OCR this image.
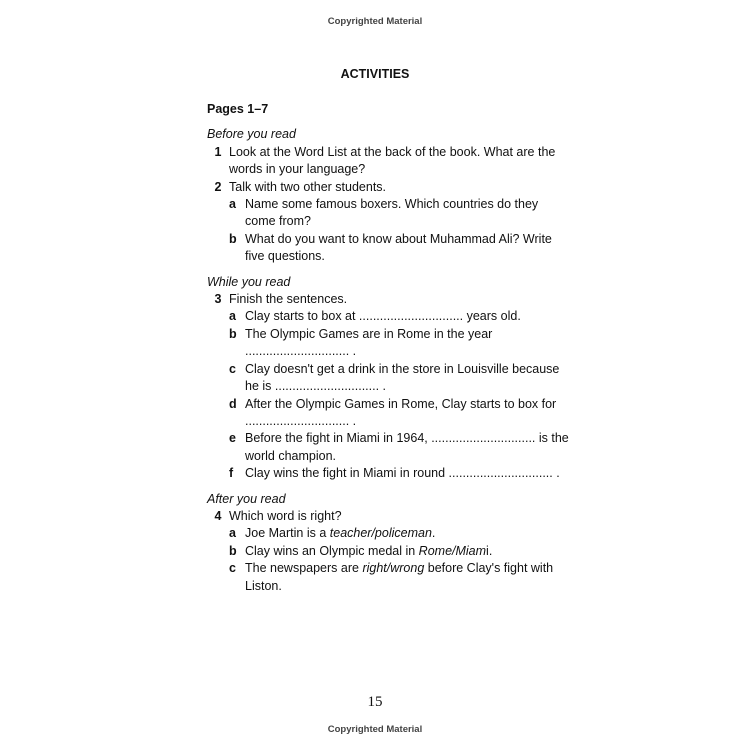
Copyrighted Material
ACTIVITIES
Pages 1–7
Before you read
1 Look at the Word List at the back of the book. What are the
words in your language?
2 Talk with two other students.
a Name some famous boxers. Which countries do they
come from?
b What do you want to know about Muhammad Ali? Write
five questions.
While you read
3 Finish the sentences.
a Clay starts to box at .............................. years old.
b The Olympic Games are in Rome in the year
.............................. .
c Clay doesn't get a drink in the store in Louisville because
he is .............................. .
d After the Olympic Games in Rome, Clay starts to box for
.............................. .
e Before the fight in Miami in 1964, .............................. is the
world champion.
f Clay wins the fight in Miami in round .............................. .
After you read
4 Which word is right?
a Joe Martin is a teacher/policeman.
b Clay wins an Olympic medal in Rome/Miami.
c The newspapers are right/wrong before Clay's fight with
Liston.
15
Copyrighted Material
